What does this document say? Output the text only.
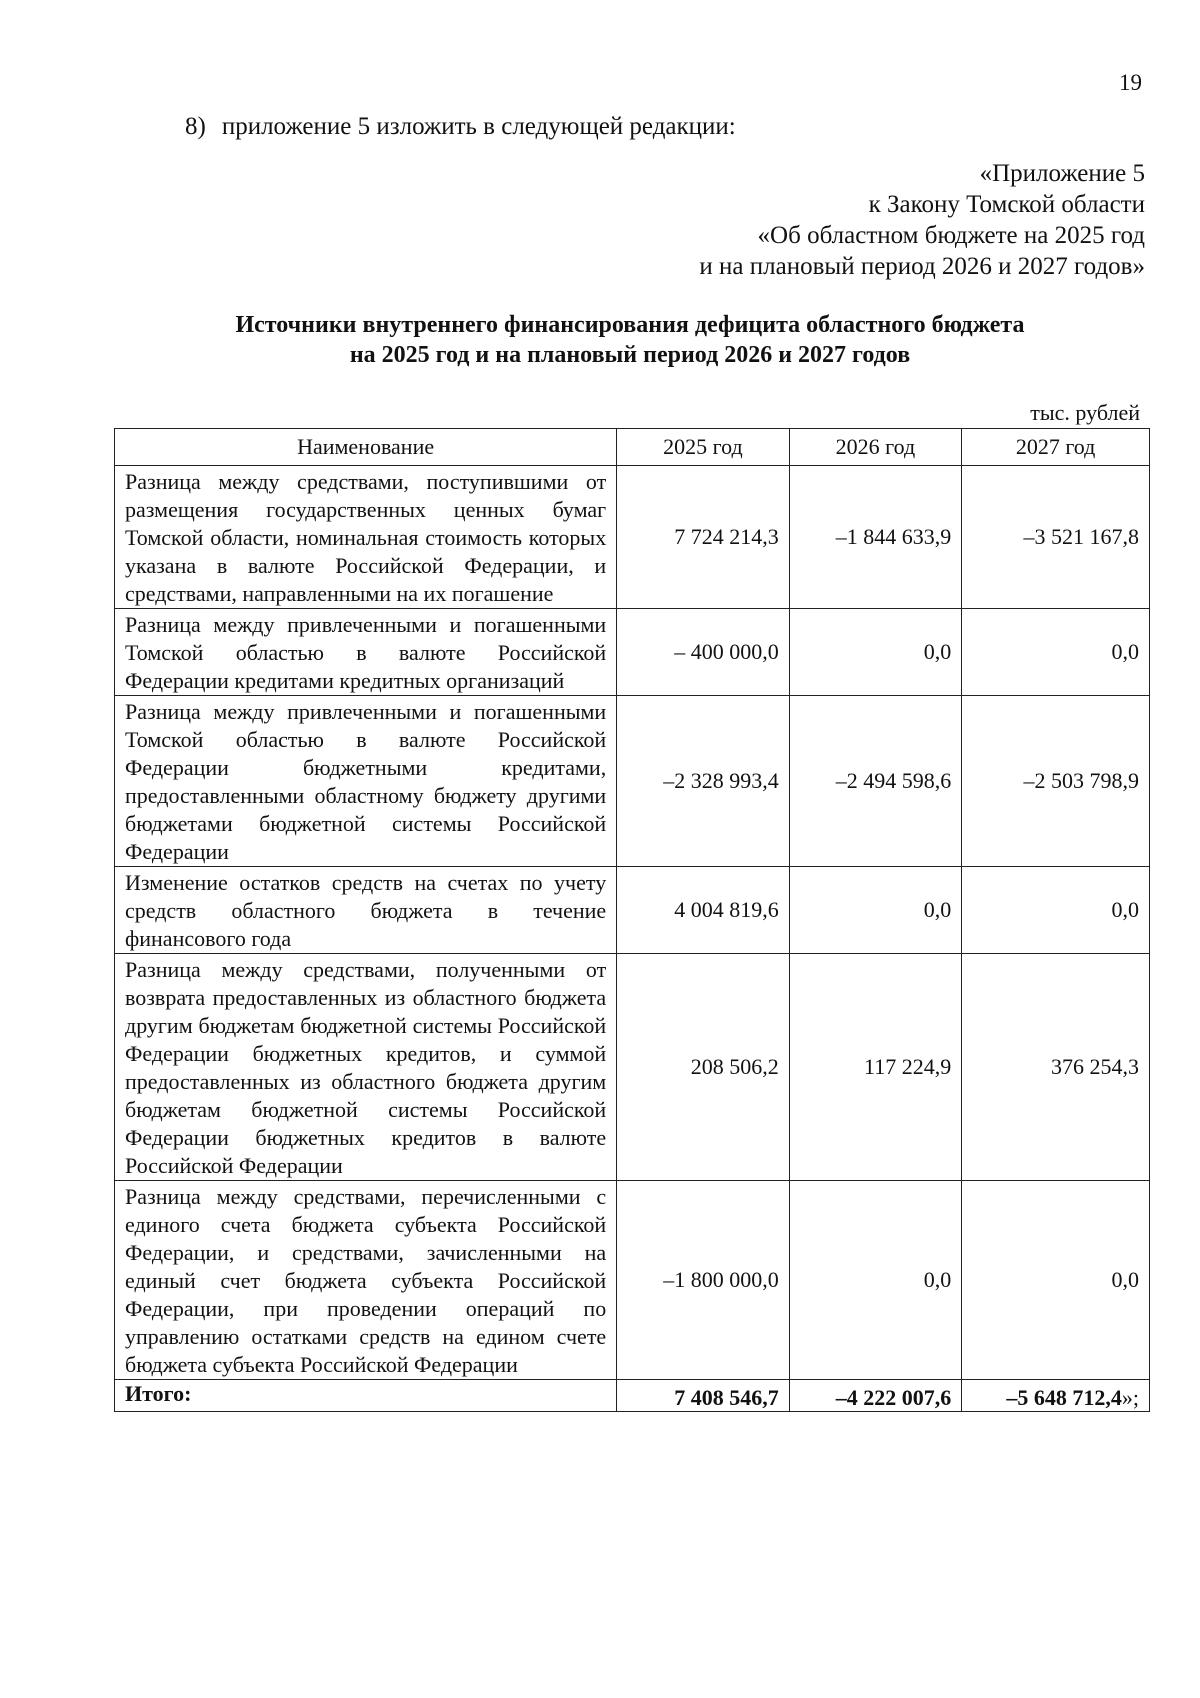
19
8) приложение 5 изложить в следующей редакции:
«Приложение 5
к Закону Томской области
«Об областном бюджете на 2025 год
и на плановый период 2026 и 2027 годов»
Источники внутреннего финансирования дефицита областного бюджета
на 2025 год и на плановый период 2026 и 2027 годов
тыс. рублей
Наименование	2025 год	2026 год	2027 год
Разница между средствами, поступившими от размещения государственных ценных бумаг Томской области, номинальная стоимость которых указана в валюте Российской Федерации, и средствами, направленными на их погашение	7 724 214,3	–1 844 633,9	–3 521 167,8
Разница между привлеченными и погашенными Томской областью в валюте Российской Федерации кредитами кредитных организаций	– 400 000,0	0,0	0,0
Разница между привлеченными и погашенными Томской областью в валюте Российской Федерации бюджетными кредитами, предоставленными областному бюджету другими бюджетами бюджетной системы Российской Федерации	–2 328 993,4	–2 494 598,6	–2 503 798,9
Изменение остатков средств на счетах по учету средств областного бюджета в течение финансового года	4 004 819,6	0,0	0,0
Разница между средствами, полученными от возврата предоставленных из областного бюджета другим бюджетам бюджетной системы Российской Федерации бюджетных кредитов, и суммой предоставленных из областного бюджета другим бюджетам бюджетной системы Российской Федерации бюджетных кредитов в валюте Российской Федерации	208 506,2	117 224,9	376 254,3
Разница между средствами, перечисленными с единого счета бюджета субъекта Российской Федерации, и средствами, зачисленными на единый счет бюджета субъекта Российской Федерации, при проведении операций по управлению остатками средств на едином счете бюджета субъекта Российской Федерации	–1 800 000,0	0,0	0,0
Итого:	7 408 546,7	–4 222 007,6	–5 648 712,4»;
